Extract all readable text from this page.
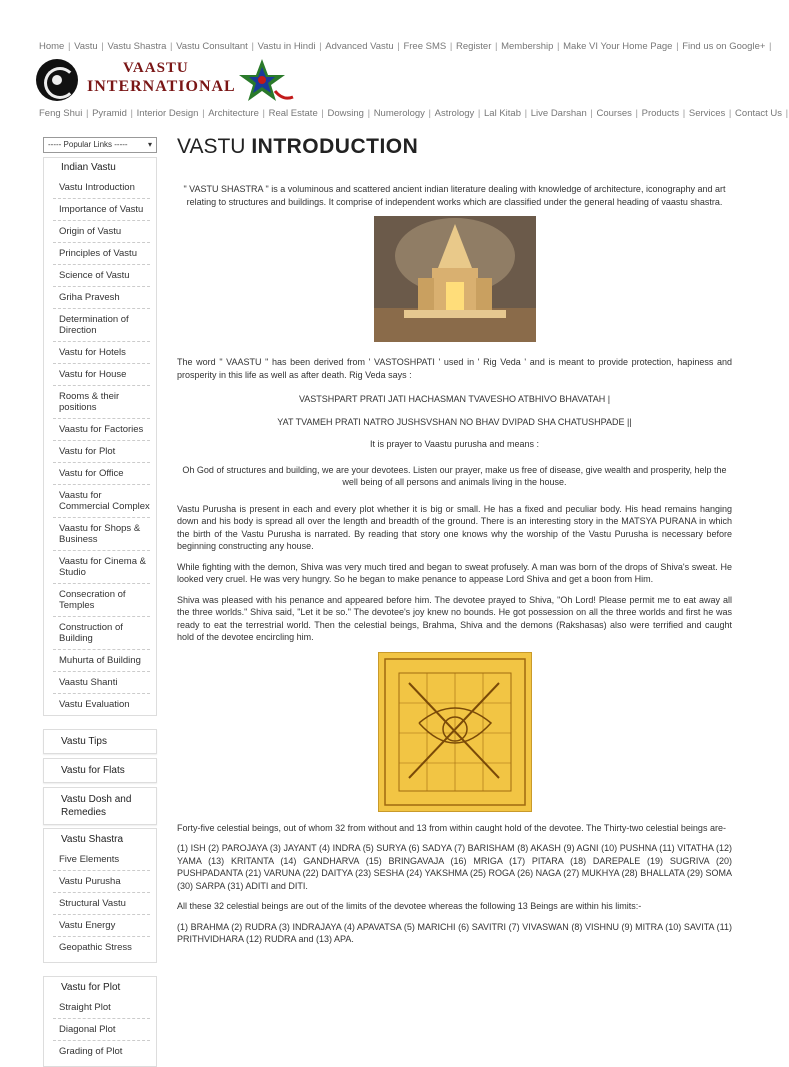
Home | Vastu | Vastu Shastra | Vastu Consultant | Vastu in Hindi | Advanced Vastu | Free SMS | Register | Membership | Make VI Your Home Page | Find us on Google+ |
VAASTU
INTERNATIONAL
Feng Shui | Pyramid | Interior Design | Architecture | Real Estate | Dowsing | Numerology | Astrology | Lal Kitab | Live Darshan | Courses | Products | Services | Contact Us |
----- Popular Links -----	▾
Indian Vastu
Vastu Introduction
Importance of Vastu
Origin of Vastu
Principles of Vastu
Science of Vastu
Griha Pravesh
Determination of Direction
Vastu for Hotels
Vastu for House
Rooms & their positions
Vaastu for Factories
Vastu for Plot
Vastu for Office
Vaastu for Commercial Complex
Vaastu for Shops & Business
Vaastu for Cinema & Studio
Consecration of Temples
Construction of Building
Muhurta of Building
Vaastu Shanti
Vastu Evaluation
Vastu Tips
Vastu for Flats
Vastu Dosh and Remedies
Vastu Shastra
Five Elements
Vastu Purusha
Structural Vastu
Vastu Energy
Geopathic Stress
Vastu for Plot
Straight Plot
Diagonal Plot
Grading of Plot
VASTU INTRODUCTION
" VASTU SHASTRA " is a voluminous and scattered ancient indian literature dealing with knowledge of architecture, iconography and art relating to structures and buildings. It comprise of independent works which are classified under the general heading of vaastu shastra.
The word " VAASTU " has been derived from ' VASTOSHPATI ' used in ' Rig Veda ' and is meant to provide protection, hapiness and prosperity in this life as well as after death. Rig Veda says :
VASTSHPART PRATI JATI HACHASMAN TVAVESHO ATBHIVO BHAVATAH |
YAT TVAMEH PRATI NATRO JUSHSVSHAN NO BHAV DVIPAD SHA CHATUSHPADE ||
It is prayer to Vaastu purusha and means :
Oh God of structures and building, we are your devotees. Listen our prayer, make us free of disease, give wealth and prosperity, help the well being of all persons and animals living in the house.
Vastu Purusha is present in each and every plot whether it is big or small. He has a fixed and peculiar body. His head remains hanging down and his body is spread all over the length and breadth of the ground. There is an interesting story in the MATSYA PURANA in which the birth of the Vastu Purusha is narrated. By reading that story one knows why the worship of the Vastu Purusha is necessary before beginning constructing any house.
While fighting with the demon, Shiva was very much tired and began to sweat profusely. A man was born of the drops of Shiva's sweat. He looked very cruel. He was very hungry. So he began to make penance to appease Lord Shiva and get a boon from Him.
Shiva was pleased with his penance and appeared before him. The devotee prayed to Shiva, "Oh Lord! Please permit me to eat away all the three worlds." Shiva said, "Let it be so." The devotee's joy knew no bounds. He got possession on all the three worlds and first he was ready to eat the terrestrial world. Then the celestial beings, Brahma, Shiva and the demons (Rakshasas) also were terrified and caught hold of the devotee encircling him.
Forty-five celestial beings, out of whom 32 from without and 13 from within caught hold of the devotee. The Thirty-two celestial beings are-
(1) ISH (2) PAROJAYA (3) JAYANT (4) INDRA (5) SURYA (6) SADYA (7) BARISHAM (8) AKASH (9) AGNI (10) PUSHNA (11) VITATHA (12) YAMA (13) KRITANTA (14) GANDHARVA (15) BRINGAVAJA (16) MRIGA (17) PITARA (18) DAREPALE (19) SUGRIVA (20) PUSHPADANTA (21) VARUNA (22) DAITYA (23) SESHA (24) YAKSHMA (25) ROGA (26) NAGA (27) MUKHYA (28) BHALLATA (29) SOMA (30) SARPA (31) ADITI and DITI.
All these 32 celestial beings are out of the limits of the devotee whereas the following 13 Beings are within his limits:-
(1) BRAHMA (2) RUDRA (3) INDRAJAYA (4) APAVATSA (5) MARICHI (6) SAVITRI (7) VIVASWAN (8) VISHNU (9) MITRA (10) SAVITA (11) PRITHVIDHARA (12) RUDRA and (13) APA.
